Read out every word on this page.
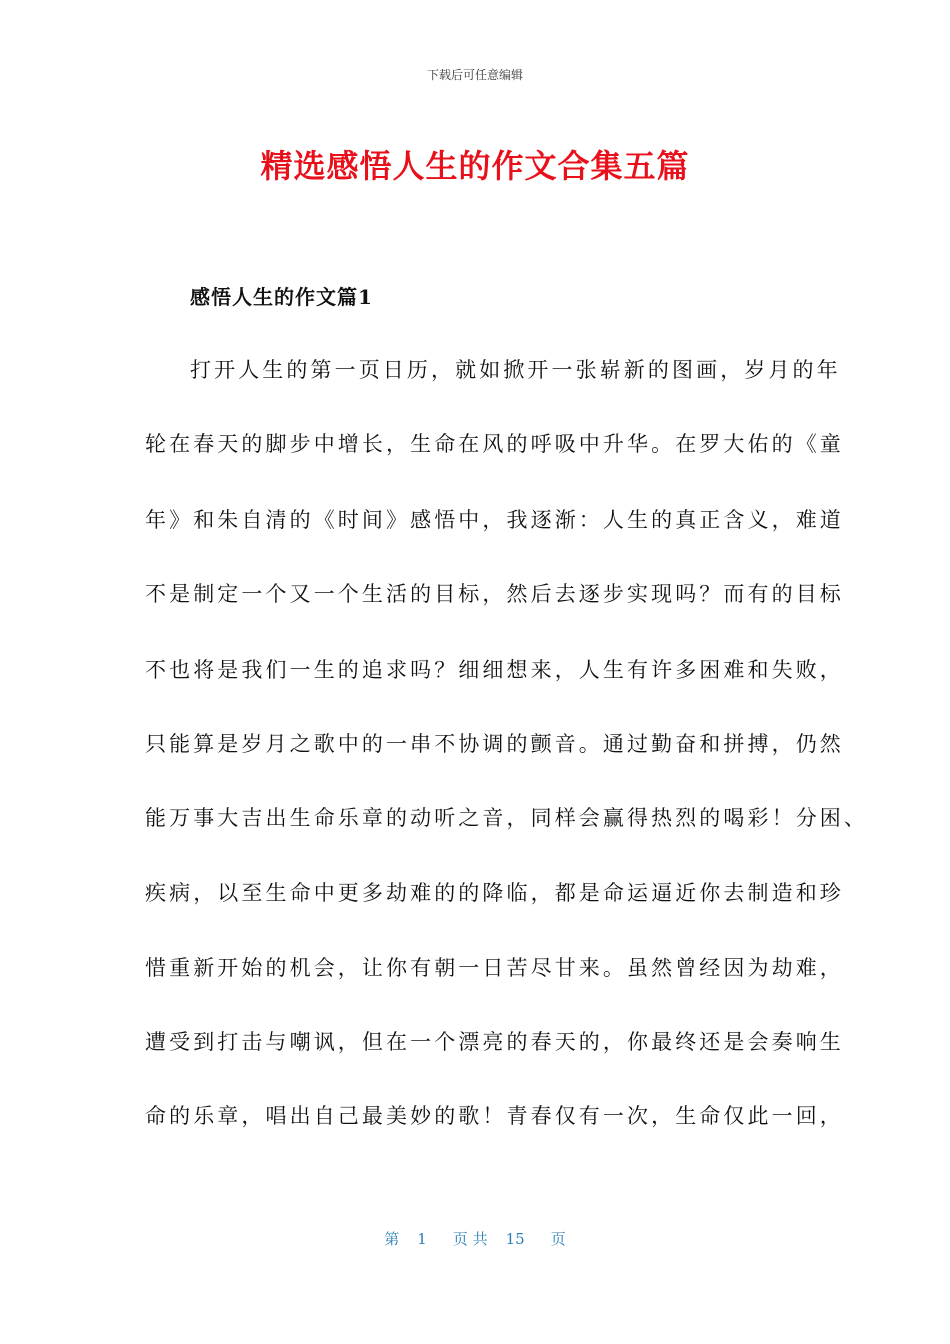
下载后可任意编辑
精选感悟人生的作文合集五篇
感悟人生的作文篇1
打开人生的第一页日历，就如掀开一张崭新的图画，岁月的年
轮在春天的脚步中增长，生命在风的呼吸中升华。在罗大佑的《童
年》和朱自清的《时间》感悟中，我逐渐：人生的真正含义，难道
不是制定一个又一个生活的目标，然后去逐步实现吗？而有的目标
不也将是我们一生的追求吗？细细想来，人生有许多困难和失败，
只能算是岁月之歌中的一串不协调的颤音。通过勤奋和拼搏，仍然
能万事大吉出生命乐章的动听之音，同样会赢得热烈的喝彩！分困、
疾病，以至生命中更多劫难的的降临，都是命运逼近你去制造和珍
惜重新开始的机会，让你有朝一日苦尽甘来。虽然曾经因为劫难，
遭受到打击与嘲讽，但在一个漂亮的春天的，你最终还是会奏响生
命的乐章，唱出自己最美妙的歌！青春仅有一次，生命仅此一回，
第 1 页 共 15 页
